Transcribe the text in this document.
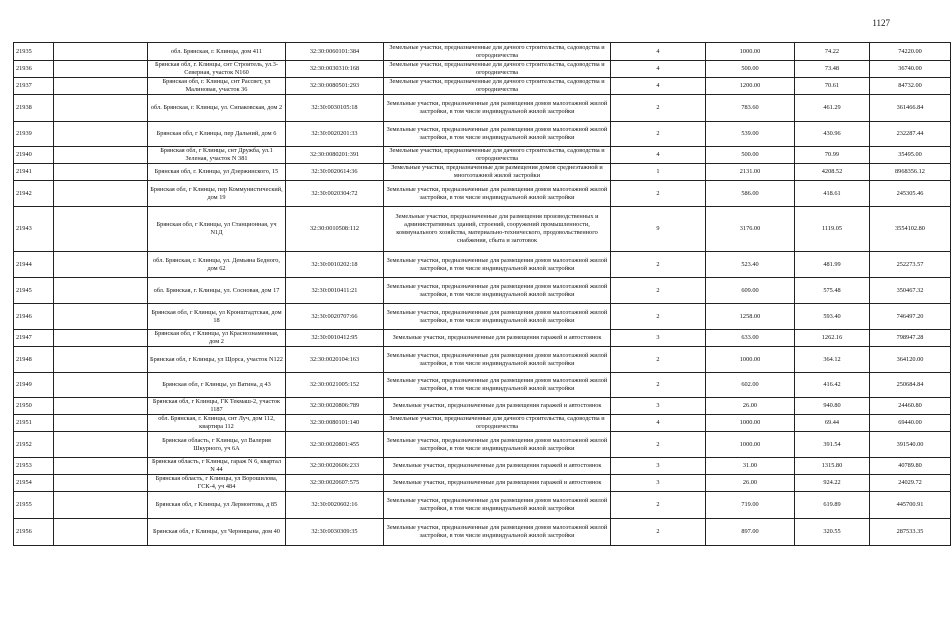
1127
21935		обл. Брянская, г. Клинцы, дом 411	32:30:0060101:384	Земельные участки, предназначенные для дачного строительства, садоводства и огородничества	4	1000.00	74.22	74220.00
21936		Брянская обл, г. Клинцы, снт Строитель, ул.3-Северная, участок N160	32:30:0030310:168	Земельные участки, предназначенные для дачного строительства, садоводства и огородничества	4	500.00	73.48	36740.00
21937		Брянская обл, г. Клинцы, снт Рассвет, ул Малиновая, участок 36	32:30:0080501:293	Земельные участки, предназначенные для дачного строительства, садоводства и огородничества	4	1200.00	70.61	84732.00
21938		обл. Брянская, г. Клинцы, ул. Сипаковская, дом 2	32:30:0030105:18	Земельные участки, предназначенные для размещения домов малоэтажной жилой застройки, в том числе индивидуальной жилой застройки	2	783.60	461.29	361466.84
21939		Брянская обл, г Клинцы, пер Дальний, дом 6	32:30:0020201:33	Земельные участки, предназначенные для размещения домов малоэтажной жилой застройки, в том числе индивидуальной жилой застройки	2	539.00	430.96	232287.44
21940		Брянская обл, г Клинцы, снт Дружба, ул.1 Зеленая, участок N 381	32:30:0080201:391	Земельные участки, предназначенные для дачного строительства, садоводства и огородничества	4	500.00	70.99	35495.00
21941		Брянская обл, г. Клинцы, ул Дзержинского, 15	32:30:0020614:36	Земельные участки, предназначенные для размещения домов среднеэтажной и многоэтажной жилой застройки	1	2131.00	4208.52	8968356.12
21942		Брянская обл, г Клинцы, пер Коммунистический, дом 19	32:30:0020304:72	Земельные участки, предназначенные для размещения домов малоэтажной жилой застройки, в том числе индивидуальной жилой застройки	2	586.00	418.61	245305.46
21943		Брянская обл, г Клинцы, ул Станционная, уч N1Д	32:30:0010508:112	Земельные участки, предназначенные для размещения производственных и административных зданий, строений, сооружений промышленности, коммунального хозяйства, материально-технического, продовольственного снабжения, сбыта и заготовок	9	3176.00	1119.05	3554102.80
21944		обл. Брянская, г. Клинцы, ул. Демьяна Бедного, дом 62	32:30:0010202:18	Земельные участки, предназначенные для размещения домов малоэтажной жилой застройки, в том числе индивидуальной жилой застройки	2	523.40	481.99	252273.57
21945		обл. Брянская, г. Клинцы, ул. Сосновая, дом 17	32:30:0010411:21	Земельные участки, предназначенные для размещения домов малоэтажной жилой застройки, в том числе индивидуальной жилой застройки	2	609.00	575.48	350467.32
21946		Брянская обл, г Клинцы, ул Кронштадтская, дом 18	32:30:0020707:66	Земельные участки, предназначенные для размещения домов малоэтажной жилой застройки, в том числе индивидуальной жилой застройки	2	1258.00	593.40	746497.20
21947		Брянская обл, г Клинцы, ул Краснознаменная, дом 2	32:30:0010412:95	Земельные участки, предназначенные для размещения гаражей и автостоянок	3	633.00	1262.16	798947.28
21948		Брянская обл, г Клинцы, ул Щорса, участок N122	32:30:0020104:163	Земельные участки, предназначенные для размещения домов малоэтажной жилой застройки, в том числе индивидуальной жилой застройки	2	1000.00	364.12	364120.00
21949		Брянская обл, г Клинцы, ул Ватина, д 43	32:30:0021005:152	Земельные участки, предназначенные для размещения домов малоэтажной жилой застройки, в том числе индивидуальной жилой застройки	2	602.00	416.42	250684.84
21950		Брянская обл, г Клинцы, ГК Текмаш-2, участок 1187	32:30:0020806:789	Земельные участки, предназначенные для размещения гаражей и автостоянок	3	26.00	940.80	24460.80
21951		обл. Брянская, г. Клинцы, снт Луч, дом 112, квартира 112	32:30:0080101:140	Земельные участки, предназначенные для дачного строительства, садоводства и огородничества	4	1000.00	69.44	69440.00
21952		Брянская область, г Клинцы, ул Валерия Шкурного, уч 6А	32:30:0020801:455	Земельные участки, предназначенные для размещения домов малоэтажной жилой застройки, в том числе индивидуальной жилой застройки	2	1000.00	391.54	391540.00
21953		Брянская область, г Клинцы, гараж N 6, квартал N 44	32:30:0020606:233	Земельные участки, предназначенные для размещения гаражей и автостоянок	3	31.00	1315.80	40789.80
21954		Брянская область, г Клинцы, ул Ворошилова, ГСК-4, уч 484	32:30:0020607:575	Земельные участки, предназначенные для размещения гаражей и автостоянок	3	26.00	924.22	24029.72
21955		Брянская обл, г Клинцы, ул Лермонтова, д 85	32:30:0020602:16	Земельные участки, предназначенные для размещения домов малоэтажной жилой застройки, в том числе индивидуальной жилой застройки	2	719.00	619.89	445700.91
21956		Брянская обл, г Клинцы, ул Черницына, дом 40	32:30:0030309:35	Земельные участки, предназначенные для размещения домов малоэтажной жилой застройки, в том числе индивидуальной жилой застройки	2	897.00	320.55	287533.35
